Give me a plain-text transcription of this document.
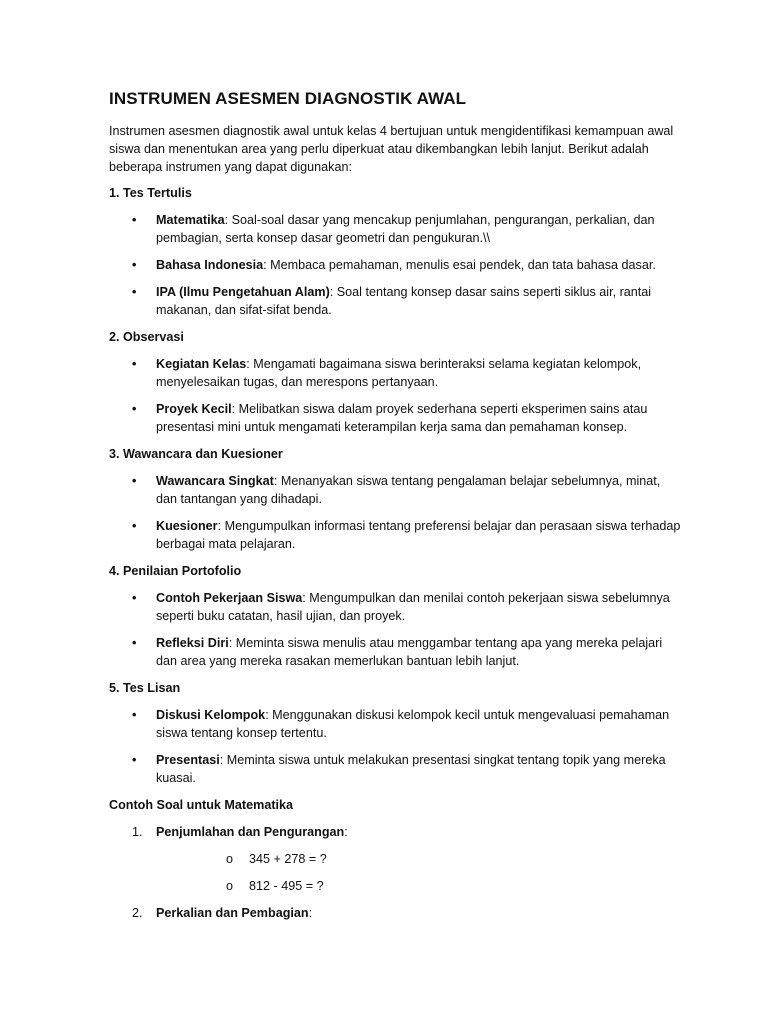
INSTRUMEN ASESMEN DIAGNOSTIK AWAL

Instrumen asesmen diagnostik awal untuk kelas 4 bertujuan untuk mengidentifikasi kemampuan awal siswa dan menentukan area yang perlu diperkuat atau dikembangkan lebih lanjut. Berikut adalah beberapa instrumen yang dapat digunakan:

1. Tes Tertulis
• Matematika: Soal-soal dasar yang mencakup penjumlahan, pengurangan, perkalian, dan pembagian, serta konsep dasar geometri dan pengukuran.\\
• Bahasa Indonesia: Membaca pemahaman, menulis esai pendek, dan tata bahasa dasar.
• IPA (Ilmu Pengetahuan Alam): Soal tentang konsep dasar sains seperti siklus air, rantai makanan, dan sifat-sifat benda.
2. Observasi
• Kegiatan Kelas: Mengamati bagaimana siswa berinteraksi selama kegiatan kelompok, menyelesaikan tugas, dan merespons pertanyaan.
• Proyek Kecil: Melibatkan siswa dalam proyek sederhana seperti eksperimen sains atau presentasi mini untuk mengamati keterampilan kerja sama dan pemahaman konsep.
3. Wawancara dan Kuesioner
• Wawancara Singkat: Menanyakan siswa tentang pengalaman belajar sebelumnya, minat, dan tantangan yang dihadapi.
• Kuesioner: Mengumpulkan informasi tentang preferensi belajar dan perasaan siswa terhadap berbagai mata pelajaran.
4. Penilaian Portofolio
• Contoh Pekerjaan Siswa: Mengumpulkan dan menilai contoh pekerjaan siswa sebelumnya seperti buku catatan, hasil ujian, dan proyek.
• Refleksi Diri: Meminta siswa menulis atau menggambar tentang apa yang mereka pelajari dan area yang mereka rasakan memerlukan bantuan lebih lanjut.
5. Tes Lisan
• Diskusi Kelompok: Menggunakan diskusi kelompok kecil untuk mengevaluasi pemahaman siswa tentang konsep tertentu.
• Presentasi: Meminta siswa untuk melakukan presentasi singkat tentang topik yang mereka kuasai.
Contoh Soal untuk Matematika
1. Penjumlahan dan Pengurangan:
o 345 + 278 = ?
o 812 - 495 = ?
2. Perkalian dan Pembagian:
